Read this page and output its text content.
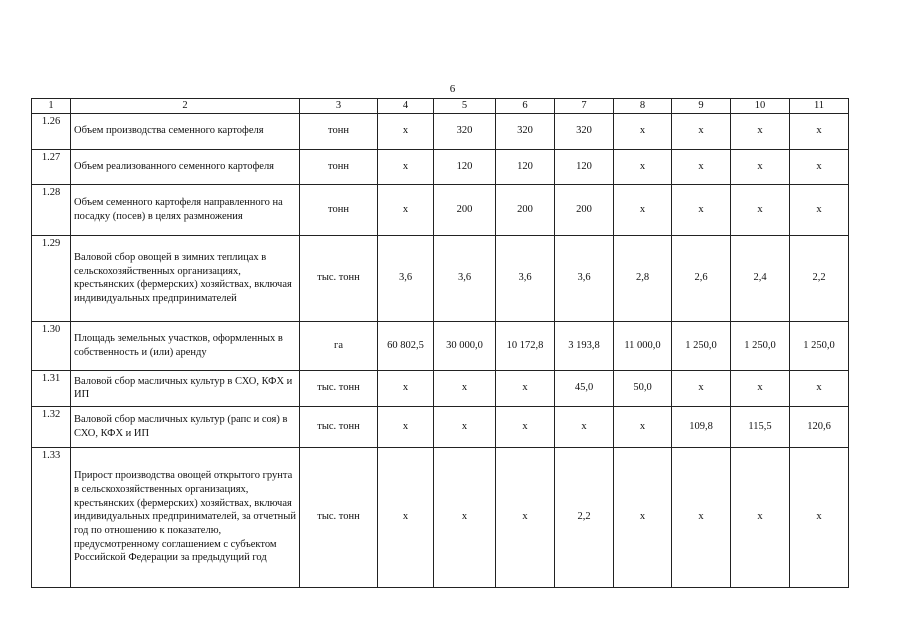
6
1	2	3	4	5	6	7	8	9	10	11
1.26	Объем производства семенного картофеля	тонн	х	320	320	320	х	х	х	х
1.27	Объем реализованного семенного картофеля	тонн	х	120	120	120	х	х	х	х
1.28	Объем семенного картофеля направленного на посадку (посев) в целях размножения	тонн	х	200	200	200	х	х	х	х
1.29	Валовой сбор овощей в зимних теплицах в сельскохозяйственных организациях, крестьянских (фермерских) хозяйствах, включая индивидуальных предпринимателей	тыс. тонн	3,6	3,6	3,6	3,6	2,8	2,6	2,4	2,2
1.30	Площадь земельных участков, оформленных в собственность и (или) аренду	га	60 802,5	30 000,0	10 172,8	3 193,8	11 000,0	1 250,0	1 250,0	1 250,0
1.31	Валовой сбор масличных культур в СХО, КФХ и ИП	тыс. тонн	х	х	х	45,0	50,0	х	х	х
1.32	Валовой сбор масличных культур (рапс и соя) в СХО, КФХ и ИП	тыс. тонн	х	х	х	х	х	109,8	115,5	120,6
1.33	Прирост производства овощей открытого грунта в сельскохозяйственных организациях, крестьянских (фермерских) хозяйствах, включая индивидуальных предпринимателей, за отчетный год по отношению к показателю, предусмотренному соглашением с субъектом Российской Федерации за предыдущий год	тыс. тонн	х	х	х	2,2	х	х	х	х
